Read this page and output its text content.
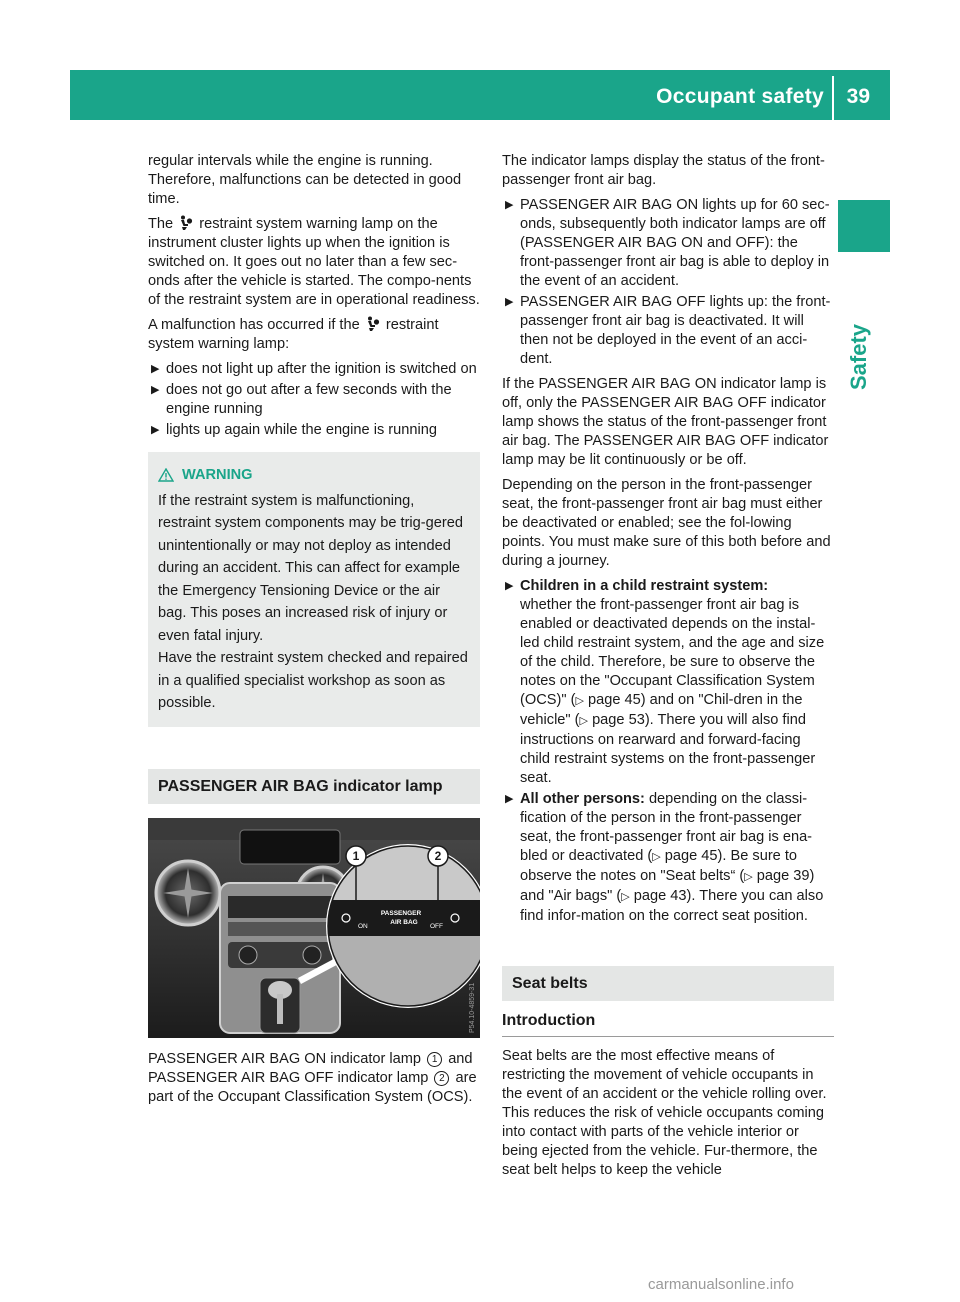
Occupant safety 39
Safety

regular intervals while the engine is running. Therefore, malfunctions can be detected in good time.

The restraint system warning lamp on the instrument cluster lights up when the ignition is switched on. It goes out no later than a few sec-onds after the vehicle is started. The compo-nents of the restraint system are in operational readiness.

A malfunction has occurred if the restraint system warning lamp:

▶ does not light up after the ignition is switched on
▶ does not go out after a few seconds with the engine running
▶ lights up again while the engine is running
WARNING

If the restraint system is malfunctioning, restraint system components may be trig-gered unintentionally or may not deploy as intended during an accident. This can affect for example the Emergency Tensioning Device or the air bag. This poses an increased risk of injury or even fatal injury.

Have the restraint system checked and repaired in a qualified specialist workshop as soon as possible.

PASSENGER AIR BAG indicator lamp
1	2
ON
PASSENGER
AIR BAG
OFF
P54.10-4859-31

PASSENGER AIR BAG ON indicator lamp 1 and PASSENGER AIR BAG OFF indicator lamp 2 are part of the Occupant Classification System (OCS).

The indicator lamps display the status of the front-passenger front air bag.

▶ PASSENGER AIR BAG ON lights up for 60 sec-onds, subsequently both indicator lamps are off (PASSENGER AIR BAG ON and OFF): the front-passenger front air bag is able to deploy in the event of an accident.
▶ PASSENGER AIR BAG OFF lights up: the front-passenger front air bag is deactivated. It will then not be deployed in the event of an acci-dent.

If the PASSENGER AIR BAG ON indicator lamp is off, only the PASSENGER AIR BAG OFF indicator lamp shows the status of the front-passenger front air bag. The PASSENGER AIR BAG OFF indicator lamp may be lit continuously or be off.

Depending on the person in the front-passenger seat, the front-passenger front air bag must either be deactivated or enabled; see the fol-lowing points. You must make sure of this both before and during a journey.

▶ Children in a child restraint system:
whether the front-passenger front air bag is enabled or deactivated depends on the instal-led child restraint system, and the age and size of the child. Therefore, be sure to observe the notes on the "Occupant Classification System (OCS)" (▷ page 45) and on "Chil-dren in the vehicle" (▷ page 53). There you will also find instructions on rearward and forward-facing child restraint systems on the front-passenger seat.
▶ All other persons: depending on the classi-fication of the person in the front-passenger seat, the front-passenger front air bag is ena-bled or deactivated (▷ page 45). Be sure to observe the notes on "Seat belts“ (▷ page 39) and "Air bags" (▷ page 43). There you can also find infor-mation on the correct seat position.
Seat belts
Introduction

Seat belts are the most effective means of restricting the movement of vehicle occupants in the event of an accident or the vehicle rolling over. This reduces the risk of vehicle occupants coming into contact with parts of the vehicle interior or being ejected from the vehicle. Fur-thermore, the seat belt helps to keep the vehicle

carmanualsonline.info
